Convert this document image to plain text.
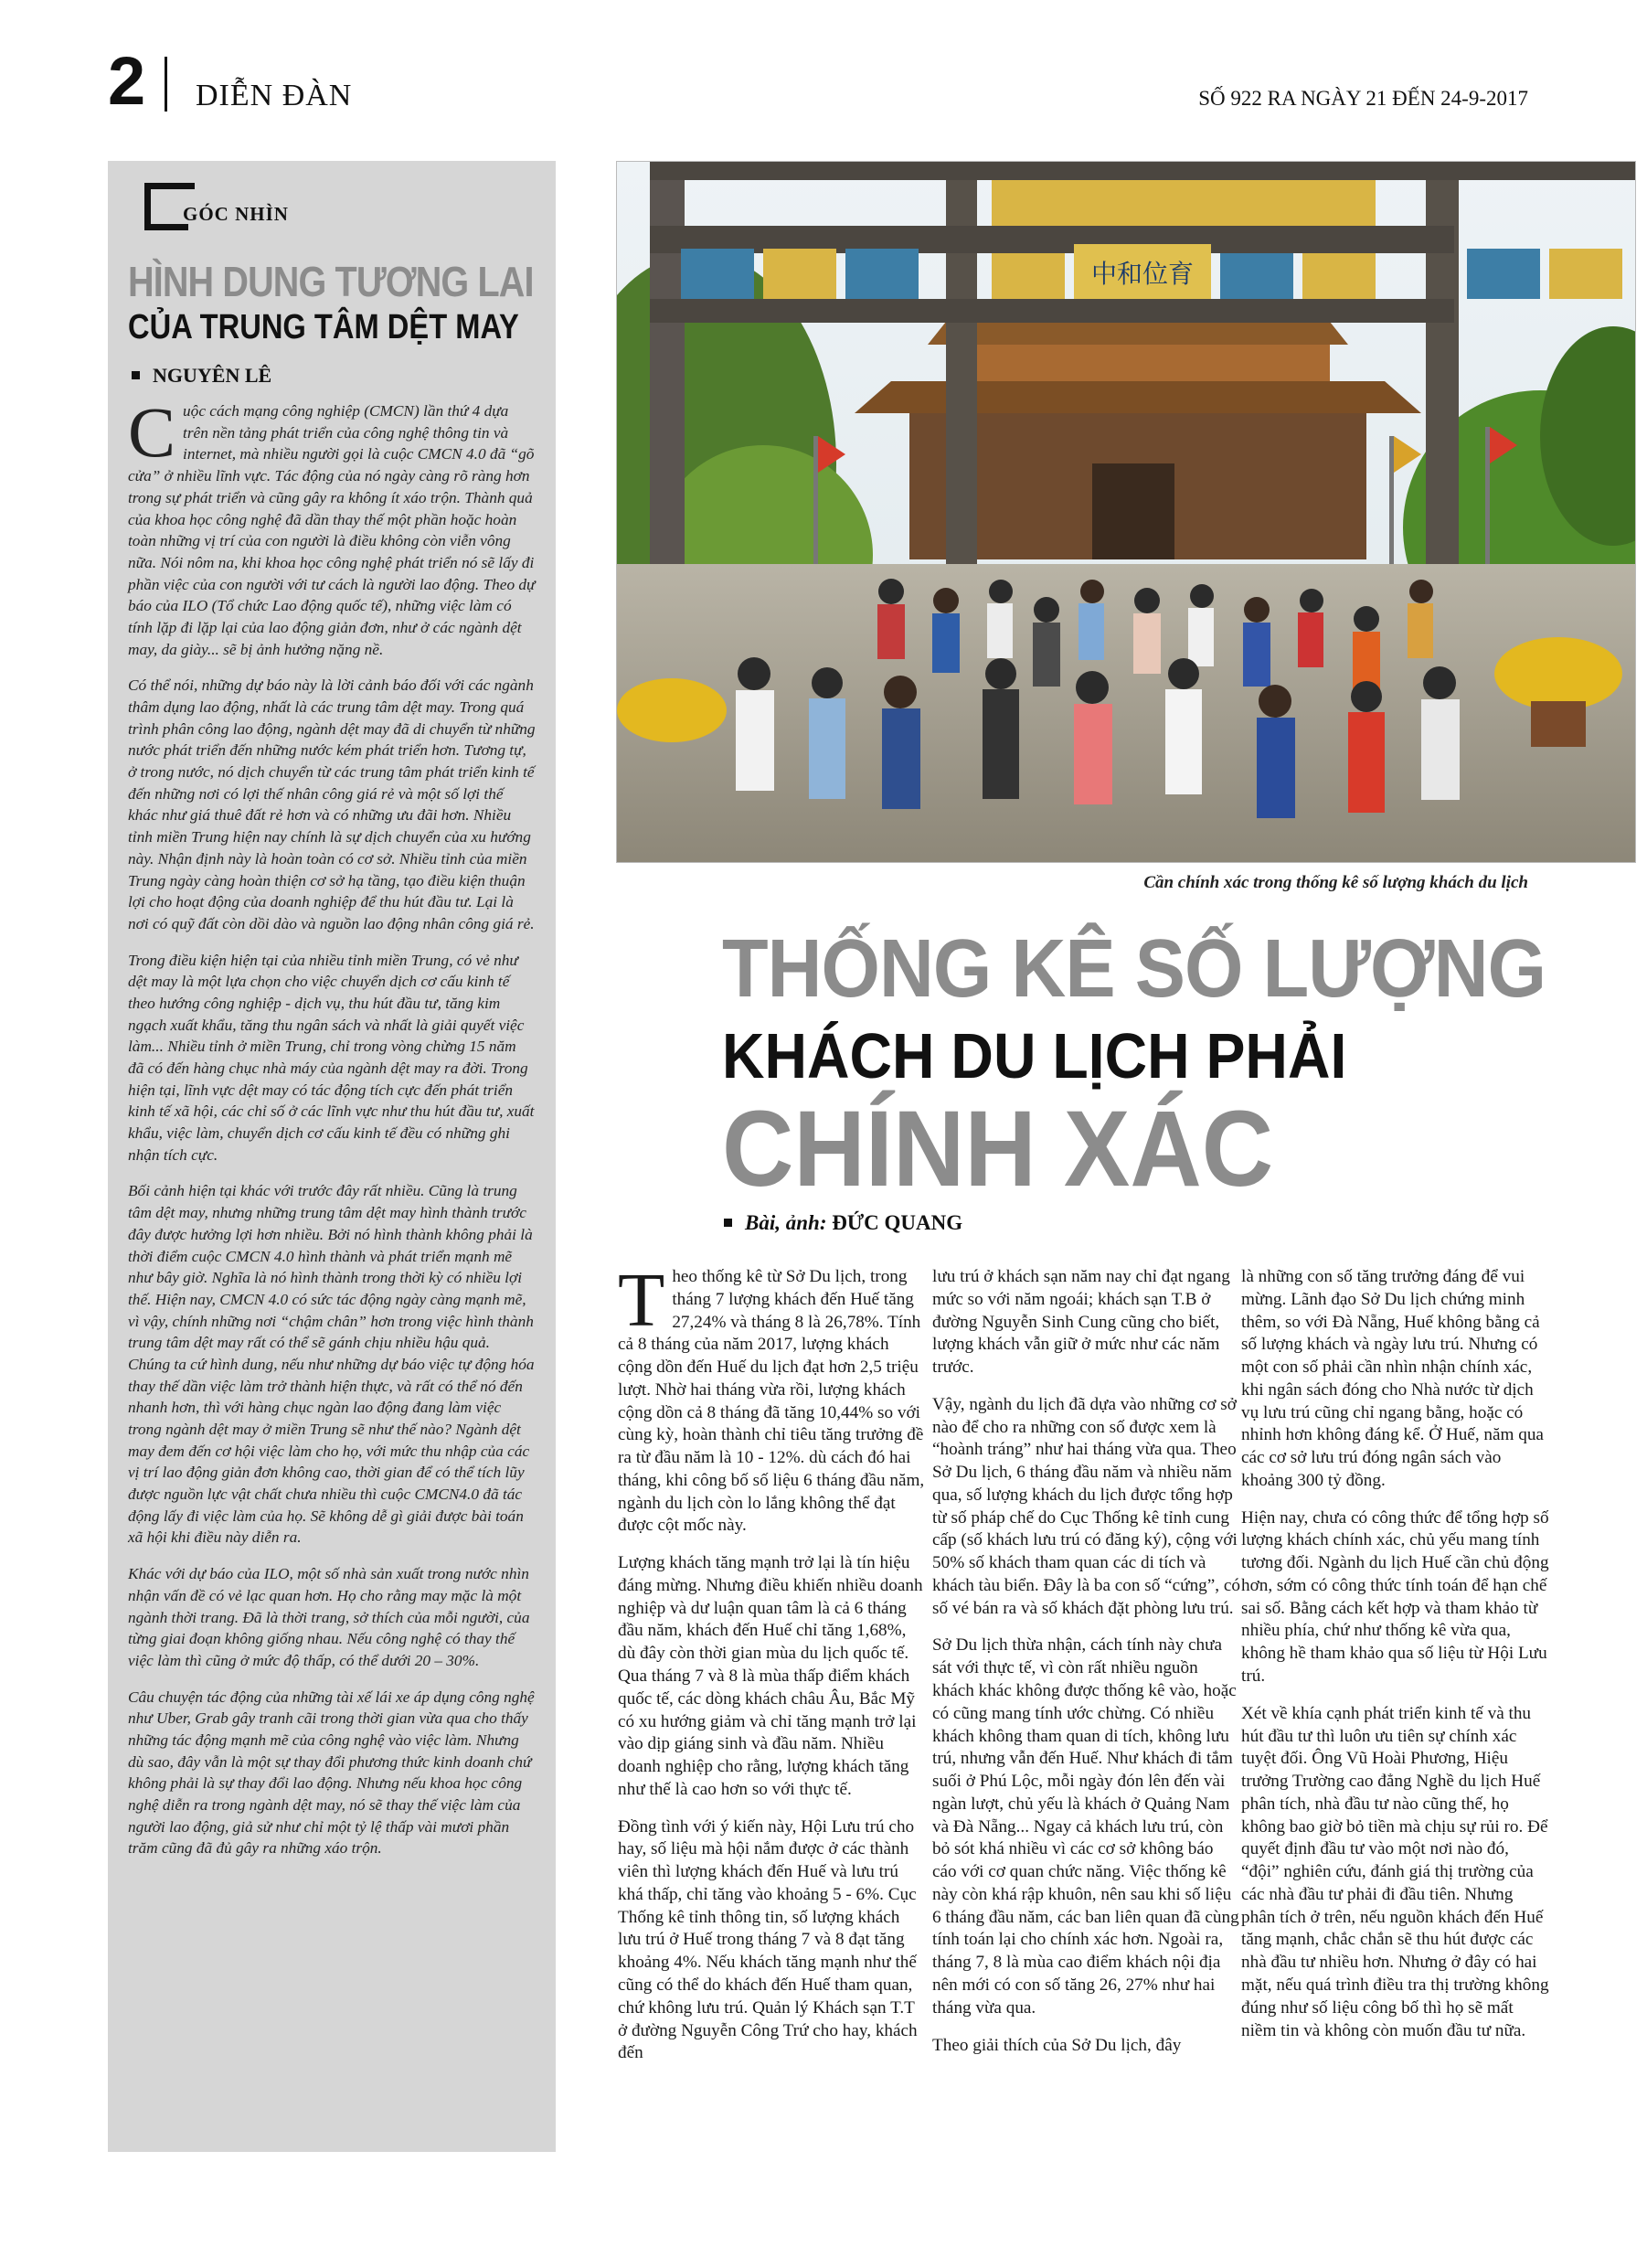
2 DIỄN ĐÀN	SỐ 922 RA NGÀY 21 ĐẾN 24-9-2017
GÓC NHÌN
HÌNH DUNG TƯƠNG LAI
CỦA TRUNG TÂM DỆT MAY
NGUYÊN LÊ

Cuộc cách mạng công nghiệp (CMCN) lần thứ 4 dựa trên nền tảng phát triển của công nghệ thông tin và internet, mà nhiều người gọi là cuộc CMCN 4.0 đã “gõ cửa” ở nhiều lĩnh vực. Tác động của nó ngày càng rõ ràng hơn trong sự phát triển và cũng gây ra không ít xáo trộn. Thành quả của khoa học công nghệ đã dần thay thế một phần hoặc hoàn toàn những vị trí của con người là điều không còn viễn vông nữa. Nói nôm na, khi khoa học công nghệ phát triển nó sẽ lấy đi phần việc của con người với tư cách là người lao động. Theo dự báo của ILO (Tổ chức Lao động quốc tế), những việc làm có tính lặp đi lặp lại của lao động giản đơn, như ở các ngành dệt may, da giày... sẽ bị ảnh hưởng nặng nề.

Có thể nói, những dự báo này là lời cảnh báo đối với các ngành thâm dụng lao động, nhất là các trung tâm dệt may. Trong quá trình phân công lao động, ngành dệt may đã di chuyển từ những nước phát triển đến những nước kém phát triển hơn. Tương tự, ở trong nước, nó dịch chuyển từ các trung tâm phát triển kinh tế đến những nơi có lợi thế nhân công giá rẻ và một số lợi thế khác như giá thuê đất rẻ hơn và có những ưu đãi hơn. Nhiều tỉnh miền Trung hiện nay chính là sự dịch chuyển của xu hướng này. Nhận định này là hoàn toàn có cơ sở. Nhiều tỉnh của miền Trung ngày càng hoàn thiện cơ sở hạ tầng, tạo điều kiện thuận lợi cho hoạt động của doanh nghiệp để thu hút đầu tư. Lại là nơi có quỹ đất còn dồi dào và nguồn lao động nhân công giá rẻ.

Trong điều kiện hiện tại của nhiều tỉnh miền Trung, có vẻ như dệt may là một lựa chọn cho việc chuyển dịch cơ cấu kinh tế theo hướng công nghiệp - dịch vụ, thu hút đầu tư, tăng kim ngạch xuất khẩu, tăng thu ngân sách và nhất là giải quyết việc làm... Nhiều tỉnh ở miền Trung, chỉ trong vòng chừng 15 năm đã có đến hàng chục nhà máy của ngành dệt may ra đời. Trong hiện tại, lĩnh vực dệt may có tác động tích cực đến phát triển kinh tế xã hội, các chỉ số ở các lĩnh vực như thu hút đầu tư, xuất khẩu, việc làm, chuyển dịch cơ cấu kinh tế đều có những ghi nhận tích cực.

Bối cảnh hiện tại khác với trước đây rất nhiều. Cũng là trung tâm dệt may, nhưng những trung tâm dệt may hình thành trước đây được hưởng lợi hơn nhiều. Bởi nó hình thành không phải là thời điểm cuộc CMCN 4.0 hình thành và phát triển mạnh mẽ như bây giờ. Nghĩa là nó hình thành trong thời kỳ có nhiều lợi thế. Hiện nay, CMCN 4.0 có sức tác động ngày càng mạnh mẽ, vì vậy, chính những nơi “chậm chân” hơn trong việc hình thành trung tâm dệt may rất có thể sẽ gánh chịu nhiều hậu quả. Chúng ta cứ hình dung, nếu như những dự báo việc tự động hóa thay thế dần việc làm trở thành hiện thực, và rất có thể nó đến nhanh hơn, thì với hàng chục ngàn lao động đang làm việc trong ngành dệt may ở miền Trung sẽ như thế nào? Ngành dệt may đem đến cơ hội việc làm cho họ, với mức thu nhập của các vị trí lao động giản đơn không cao, thời gian để có thể tích lũy được nguồn lực vật chất chưa nhiều thì cuộc CMCN4.0 đã tác động lấy đi việc làm của họ. Sẽ không dễ gì giải được bài toán xã hội khi điều này diễn ra.

Khác với dự báo của ILO, một số nhà sản xuất trong nước nhìn nhận vấn đề có vẻ lạc quan hơn. Họ cho rằng may mặc là một ngành thời trang. Đã là thời trang, sở thích của mỗi người, của từng giai đoạn không giống nhau. Nếu công nghệ có thay thế việc làm thì cũng ở mức độ thấp, có thể dưới 20 – 30%.

Câu chuyện tác động của những tài xế lái xe áp dụng công nghệ như Uber, Grab gây tranh cãi trong thời gian vừa qua cho thấy những tác động mạnh mẽ của công nghệ vào việc làm. Nhưng dù sao, đây vẫn là một sự thay đổi phương thức kinh doanh chứ không phải là sự thay đổi lao động. Nhưng nếu khoa học công nghệ diễn ra trong ngành dệt may, nó sẽ thay thế việc làm của người lao động, giả sử như chỉ một tỷ lệ thấp vài mươi phần trăm cũng đã đủ gây ra những xáo trộn.

中和位育
Cần chính xác trong thống kê số lượng khách du lịch
THỐNG KÊ SỐ LƯỢNG
KHÁCH DU LỊCH PHẢI
CHÍNH XÁC
Bài, ảnh: ĐỨC QUANG

Theo thống kê từ Sở Du lịch, trong tháng 7 lượng khách đến Huế tăng 27,24% và tháng 8 là 26,78%. Tính cả 8 tháng của năm 2017, lượng khách cộng dồn đến Huế du lịch đạt hơn 2,5 triệu lượt. Nhờ hai tháng vừa rồi, lượng khách cộng dồn cả 8 tháng đã tăng 10,44% so với cùng kỳ, hoàn thành chỉ tiêu tăng trưởng đề ra từ đầu năm là 10 - 12%. dù cách đó hai tháng, khi công bố số liệu 6 tháng đầu năm, ngành du lịch còn lo lắng không thể đạt được cột mốc này.

Lượng khách tăng mạnh trở lại là tín hiệu đáng mừng. Nhưng điều khiến nhiều doanh nghiệp và dư luận quan tâm là cả 6 tháng đầu năm, khách đến Huế chỉ tăng 1,68%, dù đây còn thời gian mùa du lịch quốc tế. Qua tháng 7 và 8 là mùa thấp điểm khách quốc tế, các dòng khách châu Âu, Bắc Mỹ có xu hướng giảm và chỉ tăng mạnh trở lại vào dịp giáng sinh và đầu năm. Nhiều doanh nghiệp cho rằng, lượng khách tăng như thế là cao hơn so với thực tế.

Đồng tình với ý kiến này, Hội Lưu trú cho hay, số liệu mà hội nắm được ở các thành viên thì lượng khách đến Huế và lưu trú khá thấp, chỉ tăng vào khoảng 5 - 6%. Cục Thống kê tỉnh thông tin, số lượng khách lưu trú ở Huế trong tháng 7 và 8 đạt tăng khoảng 4%. Nếu khách tăng mạnh như thế cũng có thể do khách đến Huế tham quan, chứ không lưu trú. Quản lý Khách sạn T.T ở đường Nguyễn Công Trứ cho hay, khách đến

lưu trú ở khách sạn năm nay chỉ đạt ngang mức so với năm ngoái; khách sạn T.B ở đường Nguyễn Sinh Cung cũng cho biết, lượng khách vẫn giữ ở mức như các năm trước.

Vậy, ngành du lịch đã dựa vào những cơ sở nào để cho ra những con số được xem là “hoành tráng” như hai tháng vừa qua. Theo Sở Du lịch, 6 tháng đầu năm và nhiều năm qua, số lượng khách du lịch được tổng hợp từ số pháp chế do Cục Thống kê tỉnh cung cấp (số khách lưu trú có đăng ký), cộng với 50% số khách tham quan các di tích và khách tàu biển. Đây là ba con số “cứng”, có số vé bán ra và số khách đặt phòng lưu trú.

Sở Du lịch thừa nhận, cách tính này chưa sát với thực tế, vì còn rất nhiều nguồn khách khác không được thống kê vào, hoặc có cũng mang tính ước chừng. Có nhiều khách không tham quan di tích, không lưu trú, nhưng vẫn đến Huế. Như khách đi tắm suối ở Phú Lộc, mỗi ngày đón lên đến vài ngàn lượt, chủ yếu là khách ở Quảng Nam và Đà Nẵng... Ngay cả khách lưu trú, còn bỏ sót khá nhiều vì các cơ sở không báo cáo với cơ quan chức năng. Việc thống kê này còn khá rập khuôn, nên sau khi số liệu 6 tháng đầu năm, các ban liên quan đã cùng tính toán lại cho chính xác hơn. Ngoài ra, tháng 7, 8 là mùa cao điểm khách nội địa nên mới có con số tăng 26, 27% như hai tháng vừa qua.

Theo giải thích của Sở Du lịch, đây

là những con số tăng trưởng đáng để vui mừng. Lãnh đạo Sở Du lịch chứng minh thêm, so với Đà Nẵng, Huế không bằng cả số lượng khách và ngày lưu trú. Nhưng có một con số phải cần nhìn nhận chính xác, khi ngân sách đóng cho Nhà nước từ dịch vụ lưu trú cũng chỉ ngang bằng, hoặc có nhỉnh hơn không đáng kể. Ở Huế, năm qua các cơ sở lưu trú đóng ngân sách vào khoảng 300 tỷ đồng.

Hiện nay, chưa có công thức để tổng hợp số lượng khách chính xác, chủ yếu mang tính tương đối. Ngành du lịch Huế cần chủ động hơn, sớm có công thức tính toán để hạn chế sai số. Bằng cách kết hợp và tham khảo từ nhiều phía, chứ như thống kê vừa qua, không hề tham khảo qua số liệu từ Hội Lưu trú.

Xét về khía cạnh phát triển kinh tế và thu hút đầu tư thì luôn ưu tiên sự chính xác tuyệt đối. Ông Vũ Hoài Phương, Hiệu trưởng Trường cao đẳng Nghề du lịch Huế phân tích, nhà đầu tư nào cũng thế, họ không bao giờ bỏ tiền mà chịu sự rủi ro. Để quyết định đầu tư vào một nơi nào đó, “đội” nghiên cứu, đánh giá thị trường của các nhà đầu tư phải đi đầu tiên. Nhưng phân tích ở trên, nếu nguồn khách đến Huế tăng mạnh, chắc chắn sẽ thu hút được các nhà đầu tư nhiều hơn. Nhưng ở đây có hai mặt, nếu quá trình điều tra thị trường không đúng như số liệu công bố thì họ sẽ mất niềm tin và không còn muốn đầu tư nữa.
